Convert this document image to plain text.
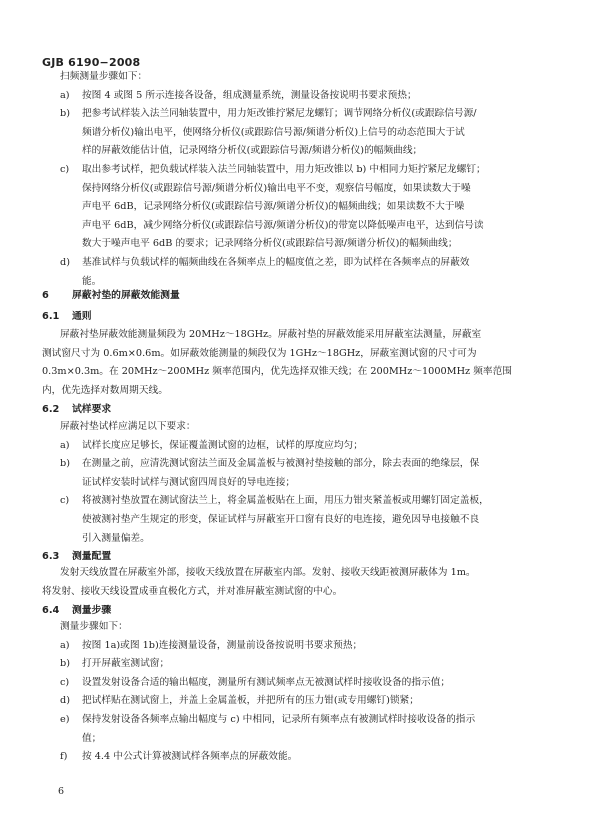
GJB 6190−2008
扫频测量步骤如下：
a)	按图 4 或图 5 所示连接各设备，组成测量系统，测量设备按说明书要求预热；
b)	把参考试样装入法兰同轴装置中，用力矩改锥拧紧尼龙螺钉；调节网络分析仪(或跟踪信号源/
频谱分析仪)输出电平，使网络分析仪(或跟踪信号源/频谱分析仪)上信号的动态范围大于试
样的屏蔽效能估计值，记录网络分析仪(或跟踪信号源/频谱分析仪)的幅频曲线；
c)	取出参考试样，把负载试样装入法兰同轴装置中，用力矩改锥以 b) 中相同力矩拧紧尼龙螺钉；
保持网络分析仪(或跟踪信号源/频谱分析仪)输出电平不变，观察信号幅度，如果读数大于噪
声电平 6dB，记录网络分析仪(或跟踪信号源/频谱分析仪)的幅频曲线；如果读数不大于噪
声电平 6dB，减少网络分析仪(或跟踪信号源/频谱分析仪)的带宽以降低噪声电平，达到信号读
数大于噪声电平 6dB 的要求；记录网络分析仪(或跟踪信号源/频谱分析仪)的幅频曲线；
d)	基准试样与负载试样的幅频曲线在各频率点上的幅度值之差，即为试样在各频率点的屏蔽效
能。
6 屏蔽衬垫的屏蔽效能测量
6.1 通则
屏蔽衬垫屏蔽效能测量频段为 20MHz～18GHz。屏蔽衬垫的屏蔽效能采用屏蔽室法测量，屏蔽室
测试窗尺寸为 0.6m×0.6m。如屏蔽效能测量的频段仅为 1GHz～18GHz，屏蔽室测试窗的尺寸可为
0.3m×0.3m。在 20MHz～200MHz 频率范围内，优先选择双锥天线；在 200MHz～1000MHz 频率范围
内，优先选择对数周期天线。
6.2 试样要求
屏蔽衬垫试样应满足以下要求：
a)	试样长度应足够长，保证覆盖测试窗的边框，试样的厚度应均匀；
b)	在测量之前，应清洗测试窗法兰面及金属盖板与被测衬垫接触的部分，除去表面的绝缘层，保
证试样安装时试样与测试窗四周良好的导电连接；
c)	将被测衬垫放置在测试窗法兰上，将金属盖板贴在上面，用压力钳夹紧盖板或用螺钉固定盖板，
使被测衬垫产生规定的形变，保证试样与屏蔽室开口窗有良好的电连接，避免因导电接触不良
引入测量偏差。
6.3 测量配置
发射天线放置在屏蔽室外部，接收天线放置在屏蔽室内部。发射、接收天线距被测屏蔽体为 1m。
将发射、接收天线设置成垂直极化方式，并对准屏蔽室测试窗的中心。
6.4 测量步骤
测量步骤如下：
a)	按图 1a)或图 1b)连接测量设备，测量前设备按说明书要求预热；
b)	打开屏蔽室测试窗；
c)	设置发射设备合适的输出幅度，测量所有测试频率点无被测试样时接收设备的指示值；
d)	把试样贴在测试窗上，并盖上金属盖板，并把所有的压力钳(或专用螺钉)锁紧；
e)	保持发射设备各频率点输出幅度与 c) 中相同，记录所有频率点有被测试样时接收设备的指示
值；
f)	按 4.4 中公式计算被测试样各频率点的屏蔽效能。
6
